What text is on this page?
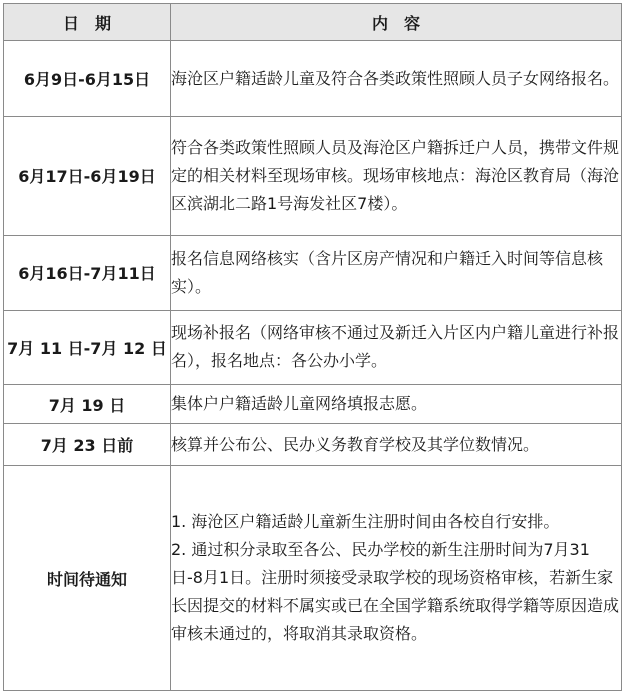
日　期	内　容
6月9日-6月15日	海沧区户籍适龄儿童及符合各类政策性照顾人员子女网络报名。

6月17日-6月19日	符合各类政策性照顾人员及海沧区户籍拆迁户人员，携带文件规定的相关材料至现场审核。现场审核地点：海沧区教育局（海沧区滨湖北二路1号海发社区7楼）。

6月16日-7月11日	报名信息网络核实（含片区房产情况和户籍迁入时间等信息核实）。

7月 11 日-7月 12 日	现场补报名（网络审核不通过及新迁入片区内户籍儿童进行补报名），报名地点：各公办小学。

7月 19 日	集体户户籍适龄儿童网络填报志愿。

7月 23 日前	核算并公布公、民办义务教育学校及其学位数情况。

时间待通知	1. 海沧区户籍适龄儿童新生注册时间由各校自行安排。

2. 通过积分录取至各公、民办学校的新生注册时间为7月31日-8月1日。注册时须接受录取学校的现场资格审核，若新生家长因提交的材料不属实或已在全国学籍系统取得学籍等原因造成审核未通过的，将取消其录取资格。
